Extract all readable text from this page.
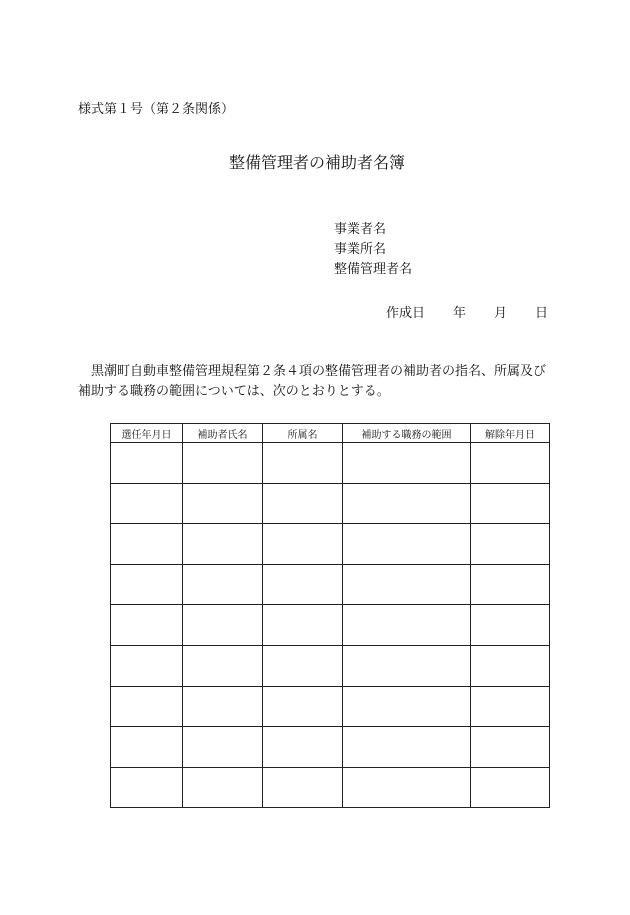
様式第１号（第２条関係）
整備管理者の補助者名簿
事業者名
事業所名
整備管理者名
作成日 年 月 日
黒潮町自動車整備管理規程第２条４項の整備管理者の補助者の指名、所属及び補助する職務の範囲については、次のとおりとする。
選任年月日	補助者氏名	所属名	補助する職務の範囲	解除年月日
